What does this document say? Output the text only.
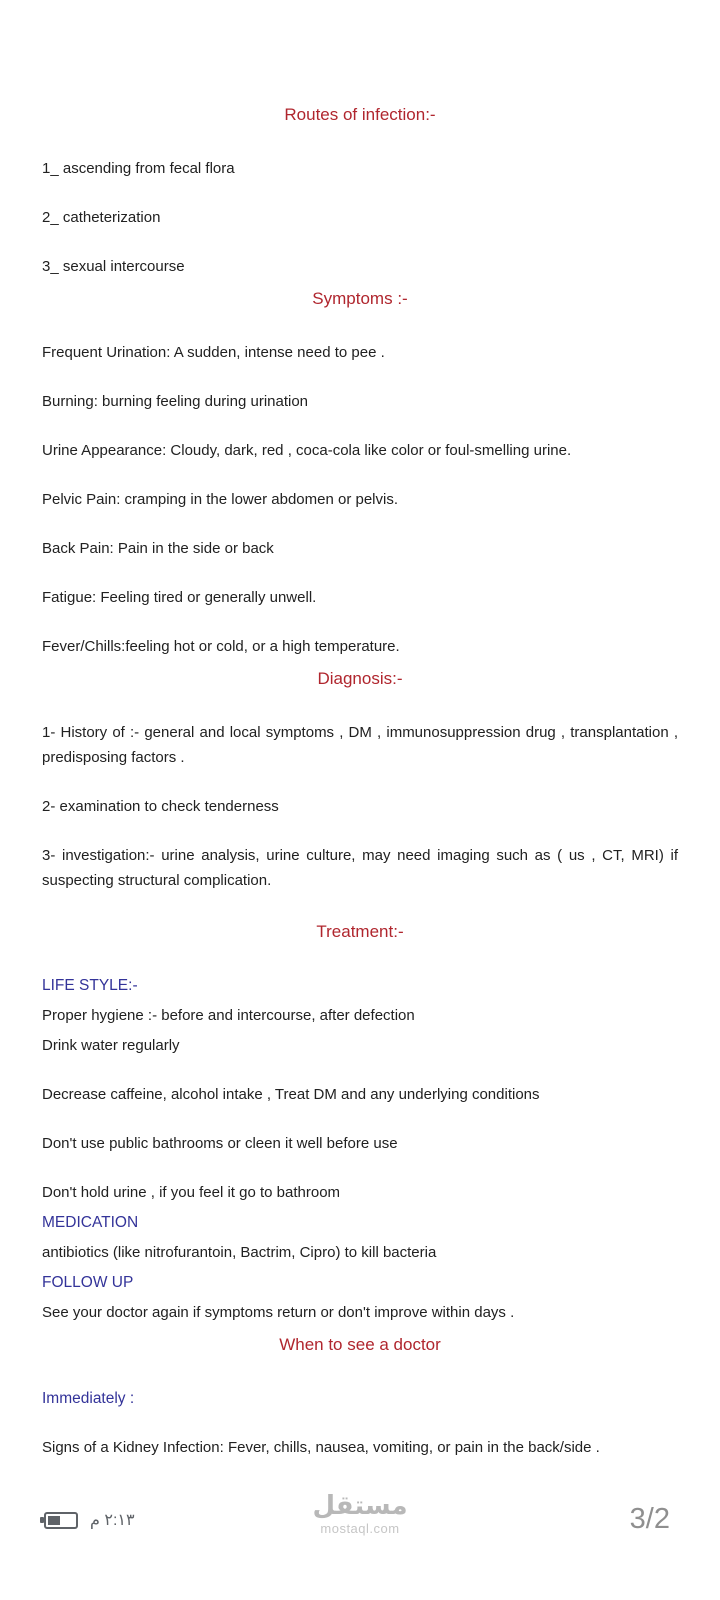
Routes of infection:-
1_ ascending from fecal flora
2_ catheterization
3_ sexual intercourse
Symptoms :-
Frequent Urination: A sudden, intense need to pee .
Burning: burning feeling during urination
Urine Appearance: Cloudy, dark, red , coca-cola like color or foul-smelling urine.
Pelvic Pain: cramping in the lower abdomen or pelvis.
Back Pain: Pain in the side or back
Fatigue: Feeling tired or generally unwell.
Fever/Chills:feeling hot or cold, or a high temperature.
Diagnosis:-
1- History of :- general and local symptoms , DM , immunosuppression drug , transplantation , predisposing factors .
2- examination to check tenderness
3- investigation:- urine analysis, urine culture, may need imaging such as ( us , CT, MRI) if suspecting structural complication.
Treatment:-
LIFE STYLE:-
Proper hygiene :- before and intercourse, after defection
Drink water regularly
Decrease caffeine, alcohol intake , Treat DM and any underlying conditions
Don't use public bathrooms or cleen it well before use
Don't hold urine , if you feel it go to bathroom
MEDICATION
antibiotics (like nitrofurantoin, Bactrim, Cipro) to kill bacteria
FOLLOW UP
See your doctor again if symptoms return or don't improve within days .
When to see a doctor
Immediately :
Signs of a Kidney Infection: Fever, chills, nausea, vomiting, or pain in the back/side .
٢:١٣ م
مستقل
mostaql.com	3/2
